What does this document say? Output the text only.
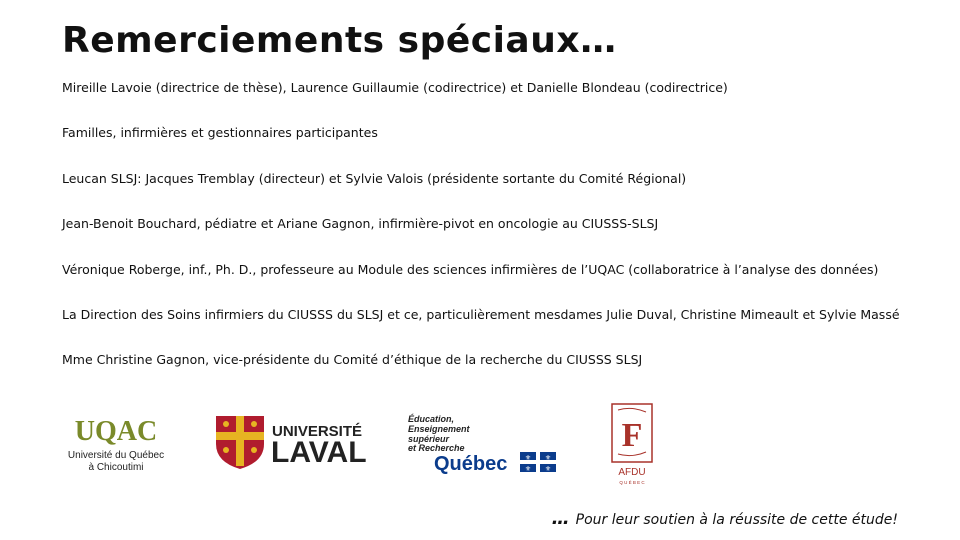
Remerciements spéciaux…
Mireille Lavoie (directrice de thèse), Laurence Guillaumie (codirectrice) et Danielle Blondeau (codirectrice)
Familles, infirmières et gestionnaires participantes
Leucan SLSJ: Jacques Tremblay (directeur) et Sylvie Valois (présidente sortante du Comité Régional)
Jean-Benoit Bouchard, pédiatre et Ariane Gagnon, infirmière-pivot en oncologie au CIUSSS-SLSJ
Véronique Roberge, inf., Ph. D., professeure au Module des sciences infirmières de l’UQAC (collaboratrice à l’analyse des données)
La Direction des Soins infirmiers du CIUSSS du SLSJ et ce, particulièrement mesdames Julie Duval, Christine Mimeault et Sylvie Massé
Mme Christine Gagnon, vice-présidente du Comité d’éthique de la recherche du CIUSSS SLSJ
UQAC
Université du Québec
à Chicoutimi
UNIVERSITÉ
LAVAL
Éducation,
Enseignement
supérieur
et Recherche
Québec	⚜ ⚜
⚜ ⚜
F
AFDU
Q U É B E C
… Pour leur soutien à la réussite de cette étude!
